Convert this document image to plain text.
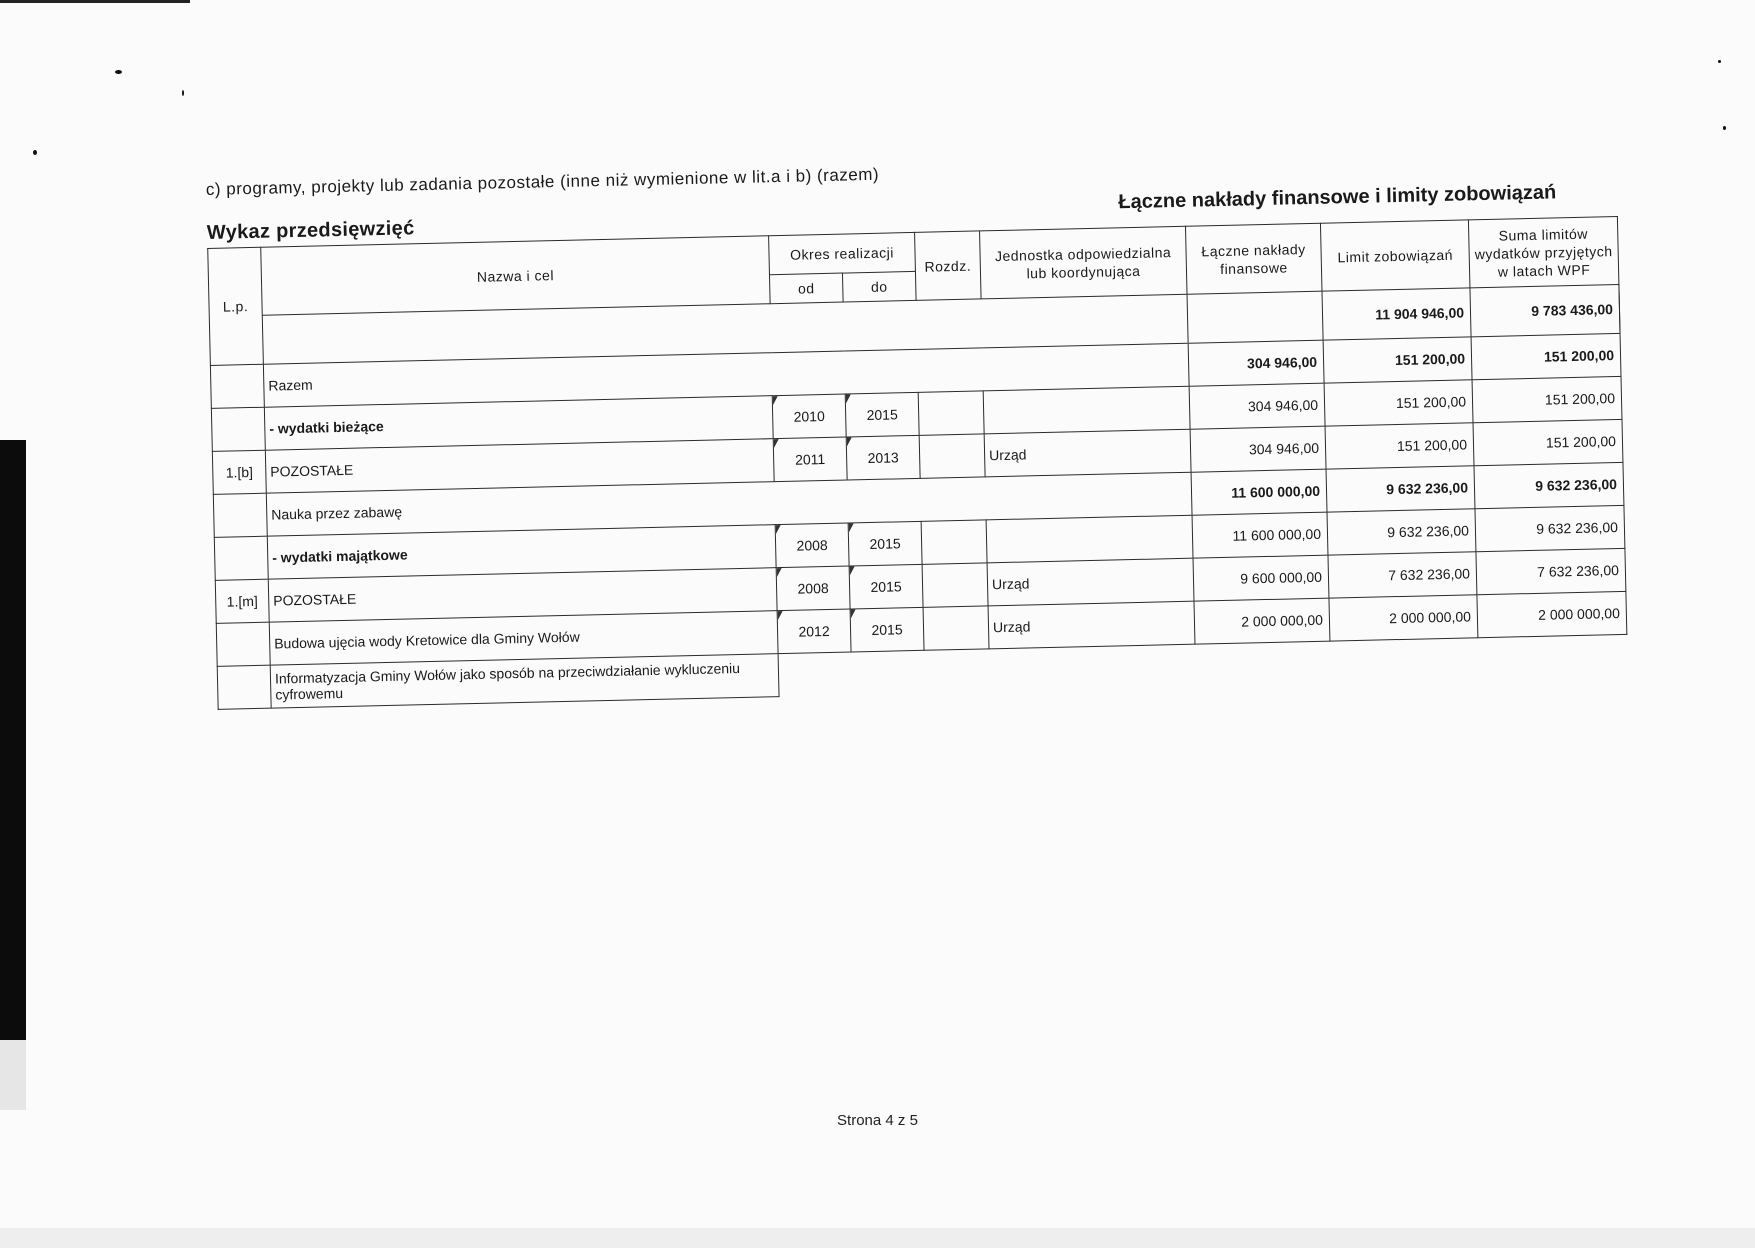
c) programy, projekty lub zadania pozostałe (inne niż wymienione w lit.a i b) (razem)
Wykaz przedsięwzięć
Łączne nakłady finansowe i limity zobowiązań
L.p.	Nazwa i cel	Okres realizacji		Rozdz.	Jednostka odpowiedzialna lub koordynująca	Łączne nakłady finansowe	Limit zobowiązań	Suma limitów wydatków przyjętych w latach WPF	
		od	do						
							11 904 946,00	9 783 436,00	
	Razem					304 946,00	151 200,00	151 200,00	
	- wydatki bieżące	2010	2015			304 946,00	151 200,00	151 200,00	
1.[b]	POZOSTAŁE	2011	2013		Urząd	304 946,00	151 200,00	151 200,00	
	Nauka przez zabawę					11 600 000,00	9 632 236,00	9 632 236,00	
	- wydatki majątkowe	2008	2015			11 600 000,00	9 632 236,00	9 632 236,00	
1.[m]	POZOSTAŁE	2008	2015		Urząd	9 600 000,00	7 632 236,00	7 632 236,00	
	Budowa ujęcia wody Kretowice dla Gminy Wołów	2012	2015		Urząd	2 000 000,00	2 000 000,00	2 000 000,00	
	Informatyzacja Gminy Wołów jako sposób na przeciwdziałanie wykluczeniu cyfrowemu								
Strona 4 z 5
